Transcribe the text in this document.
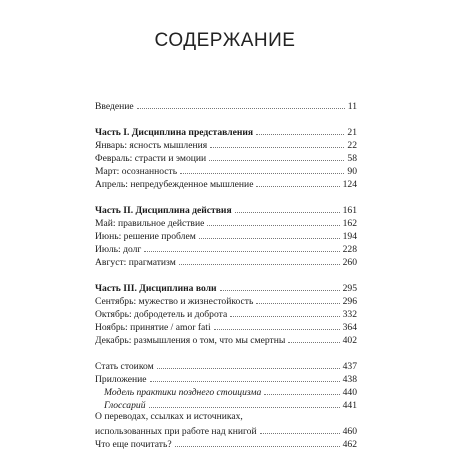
СОДЕРЖАНИЕ
Введение	11
Часть I. Дисциплина представления	21
Январь: ясность мышления	22
Февраль: страсти и эмоции	58
Март: осознанность	90
Апрель: непредубежденное мышление	124
Часть II. Дисциплина действия	161
Май: правильное действие	162
Июнь: решение проблем	194
Июль: долг	228
Август: прагматизм	260
Часть III. Дисциплина воли	295
Сентябрь: мужество и жизнестойкость	296
Октябрь: добродетель и доброта	332
Ноябрь: принятие / amor fati	364
Декабрь: размышления о том, что мы смертны	402
Стать стоиком	437
Приложение	438
Модель практики позднего стоицизма	440
Глоссарий	441
О переводах, ссылках и источниках,
использованных при работе над книгой	460
Что еще почитать?	462
